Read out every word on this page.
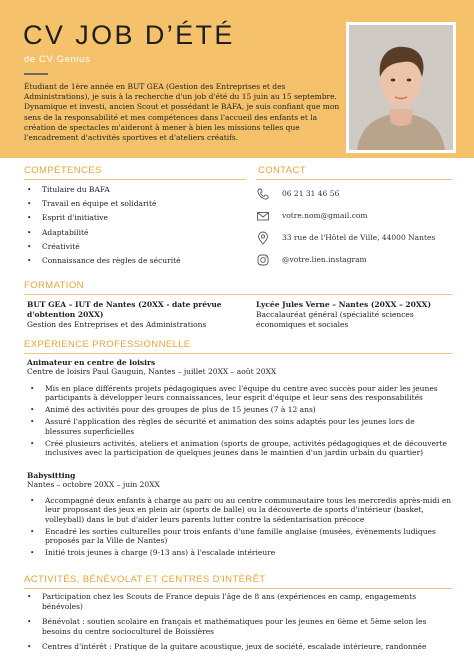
CV JOB D’ÉTÉ
de CV Genius
Étudiant de 1ère année en BUT GEA (Gestion des Entreprises et des Administrations), je suis à la recherche d'un job d'été du 15 juin au 15 septembre. Dynamique et investi, ancien Scout et possédant le BAFA, je suis confiant que mon sens de la responsabilité et mes compétences dans l'accueil des enfants et la création de spectacles m'aideront à mener à bien les missions telles que l'encadrement d'activités sportives et d'ateliers créatifs.
COMPÉTENCES
• Titulaire du BAFA
• Travail en équipe et solidarité
• Esprit d'initiative
• Adaptabilité
• Créativité
• Connaissance des règles de sécurité
CONTACT
06 21 31 46 56
votre.nom@gmail.com
33 rue de l'Hôtel de Ville, 44000 Nantes
@votre.lien.instagram
FORMATION
BUT GEA – IUT de Nantes (20XX - date prévue d'obtention 20XX)
Gestion des Entreprises et des Administrations
Lycée Jules Verne – Nantes (20XX – 20XX)
Baccalauréat général (spécialité sciences économiques et sociales
EXPÉRIENCE PROFESSIONNELLE
Animateur en centre de loisirs
Centre de loisirs Paul Gauguin, Nantes – juillet 20XX – août 20XX
• Mis en place différents projets pédagogiques avec l'équipe du centre avec succès pour aider les jeunes participants à développer leurs connaissances, leur esprit d'équipe et leur sens des responsabilités
• Animé des activités pour des groupes de plus de 15 jeunes (7 à 12 ans)
• Assuré l'application des règles de sécurité et animation des soins adaptés pour les jeunes lors de blessures superficielles
• Créé plusieurs activités, ateliers et animation (sports de groupe, activités pédagogiques et de découverte inclusives avec la participation de quelques jeunes dans le maintien d'un jardin urbain du quartier)
Babysitting
Nantes – octobre 20XX – juin 20XX
• Accompagné deux enfants à charge au parc ou au centre communautaire tous les mercredis après-midi en leur proposant des jeux en plein air (sports de balle) ou la découverte de sports d'intérieur (basket, volleyball) dans le but d'aider leurs parents lutter contre la sédentarisation précoce
• Encadré les sorties culturelles pour trois enfants d'une famille anglaise (musées, évènements ludiques proposés par la Ville de Nantes)
• Initié trois jeunes à charge (9-13 ans) à l'escalade intérieure
ACTIVITÉS, BÉNÉVOLAT ET CENTRES D'INTÉRÊT
• Participation chez les Scouts de France depuis l'âge de 8 ans (expériences en camp, engagements bénévoles)
• Bénévolat : soutien scolaire en français et mathématiques pour les jeunes en 6ème et 5ème selon les besoins du centre socioculturel de Boissières
• Centres d'intérêt : Pratique de la guitare acoustique, jeux de société, escalade intérieure, randonnée
